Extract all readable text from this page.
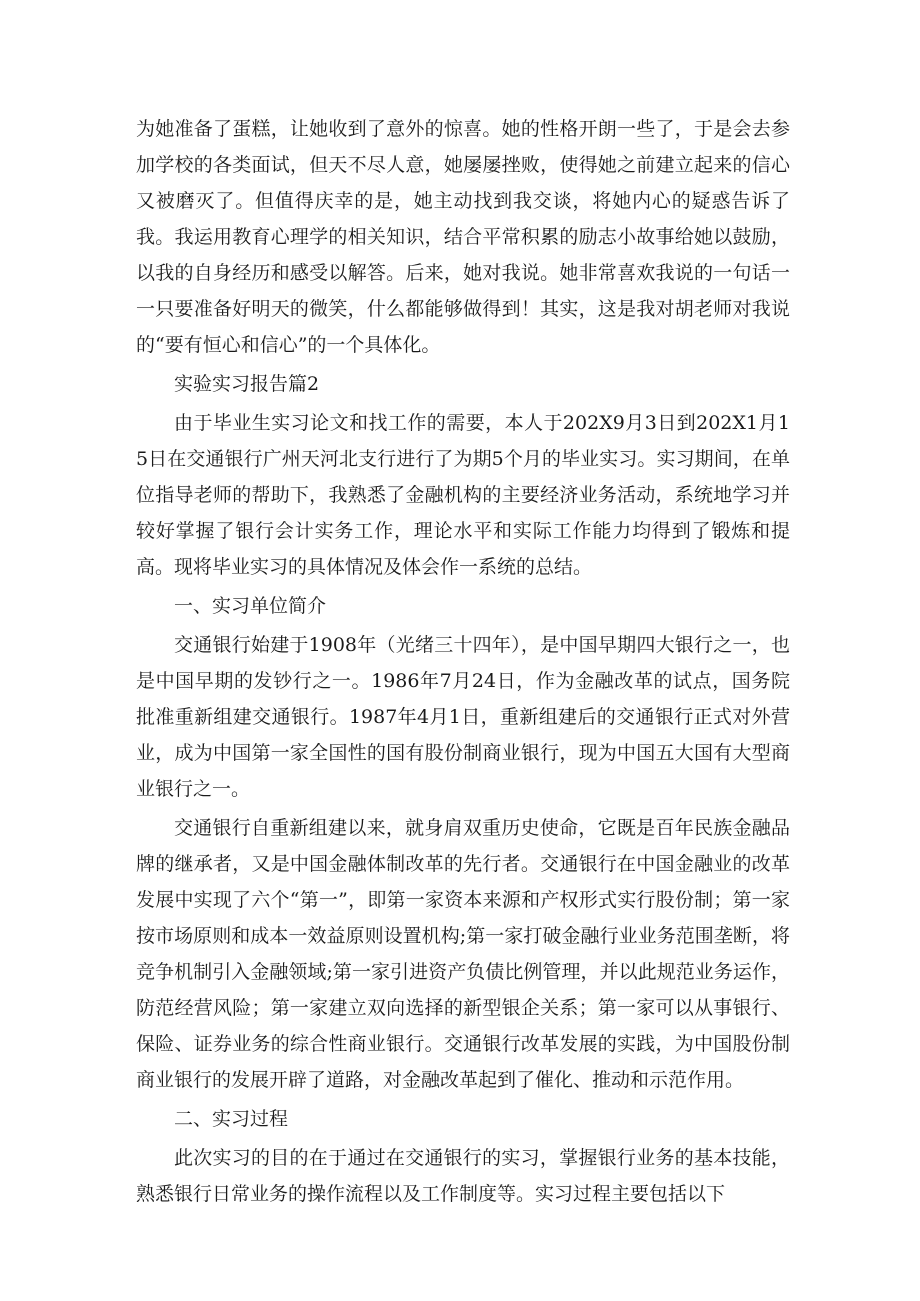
为她准备了蛋糕，让她收到了意外的惊喜。她的性格开朗一些了，于是会去参加学校的各类面试，但天不尽人意，她屡屡挫败，使得她之前建立起来的信心又被磨灭了。但值得庆幸的是，她主动找到我交谈，将她内心的疑惑告诉了我。我运用教育心理学的相关知识，结合平常积累的励志小故事给她以鼓励，以我的自身经历和感受以解答。后来，她对我说。她非常喜欢我说的一句话一一只要准备好明天的微笑，什么都能够做得到！其实，这是我对胡老师对我说的“要有恒心和信心”的一个具体化。

实验实习报告篇2

由于毕业生实习论文和找工作的需要，本人于202X9月3日到202X1月15日在交通银行广州天河北支行进行了为期5个月的毕业实习。实习期间，在单位指导老师的帮助下，我熟悉了金融机构的主要经济业务活动，系统地学习并较好掌握了银行会计实务工作，理论水平和实际工作能力均得到了锻炼和提高。现将毕业实习的具体情况及体会作一系统的总结。

一、实习单位简介

交通银行始建于1908年（光绪三十四年），是中国早期四大银行之一，也是中国早期的发钞行之一。1986年7月24日，作为金融改革的试点，国务院批准重新组建交通银行。1987年4月1日，重新组建后的交通银行正式对外营业，成为中国第一家全国性的国有股份制商业银行，现为中国五大国有大型商业银行之一。

交通银行自重新组建以来，就身肩双重历史使命，它既是百年民族金融品牌的继承者，又是中国金融体制改革的先行者。交通银行在中国金融业的改革发展中实现了六个“第一”，即第一家资本来源和产权形式实行股份制；第一家按市场原则和成本一效益原则设置机构;第一家打破金融行业业务范围垄断，将竞争机制引入金融领域;第一家引进资产负债比例管理，并以此规范业务运作，防范经营风险；第一家建立双向选择的新型银企关系；第一家可以从事银行、保险、证券业务的综合性商业银行。交通银行改革发展的实践，为中国股份制商业银行的发展开辟了道路，对金融改革起到了催化、推动和示范作用。

二、实习过程

此次实习的目的在于通过在交通银行的实习，掌握银行业务的基本技能，熟悉银行日常业务的操作流程以及工作制度等。实习过程主要包括以下
